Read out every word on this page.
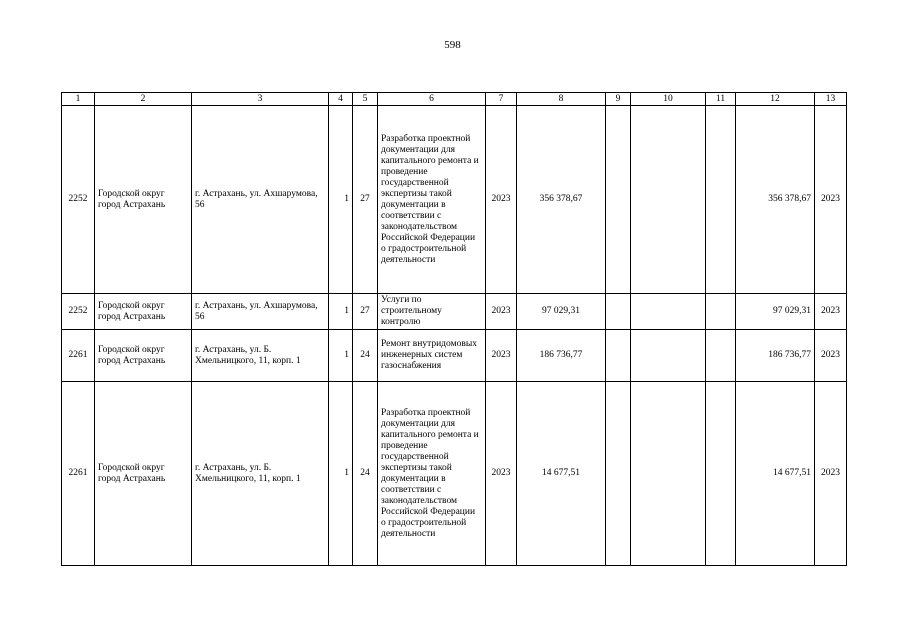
598
1	2	3	4	5	6	7	8	9	10	11	12	13
2252	Городской округ город Астрахань	г. Астрахань, ул. Ахшарумова, 56	1	27	Разработка проектной документации для капитального ремонта и проведение государственной экспертизы такой документации в соответствии с законодательством Российской Федерации о градостроительной деятельности	2023	356 378,67				356 378,67	2023
2252	Городской округ город Астрахань	г. Астрахань, ул. Ахшарумова, 56	1	27	Услуги по строительному контролю	2023	97 029,31				97 029,31	2023
2261	Городской округ город Астрахань	г. Астрахань, ул. Б. Хмельницкого, 11, корп. 1	1	24	Ремонт внутридомовых инженерных систем газоснабжения	2023	186 736,77				186 736,77	2023
2261	Городской округ город Астрахань	г. Астрахань, ул. Б. Хмельницкого, 11, корп. 1	1	24	Разработка проектной документации для капитального ремонта и проведение государственной экспертизы такой документации в соответствии с законодательством Российской Федерации о градостроительной деятельности	2023	14 677,51				14 677,51	2023
